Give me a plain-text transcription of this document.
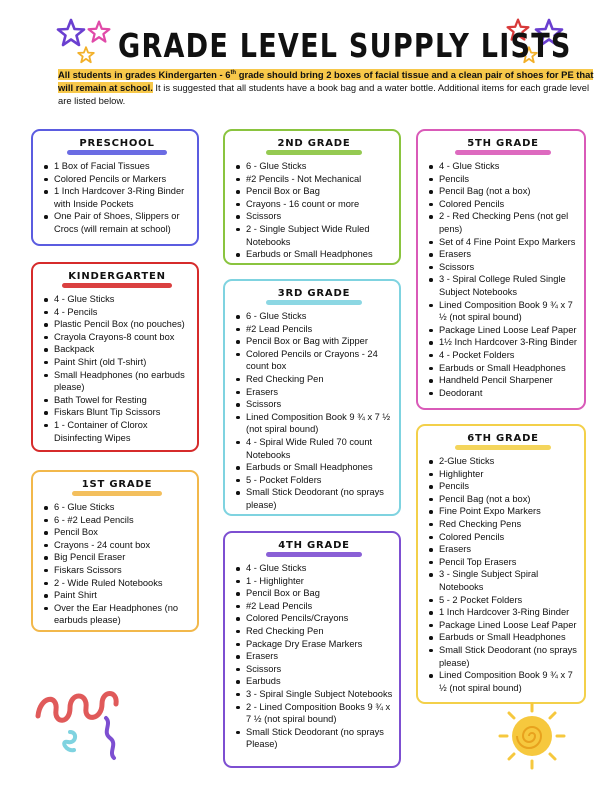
GRADE LEVEL SUPPLY LISTS
All students in grades Kindergarten - 6th grade should bring 2 boxes of facial tissue and a clean pair of shoes for PE that will remain at school. It is suggested that all students have a book bag and a water bottle. Additional items for each grade level are listed below.
PRESCHOOL
1 Box of Facial Tissues
Colored Pencils or Markers
1 Inch Hardcover 3-Ring Binder with Inside Pockets
One Pair of Shoes, Slippers or Crocs (will remain at school)
KINDERGARTEN
4 - Glue Sticks
4 - Pencils
Plastic Pencil Box (no pouches)
Crayola Crayons-8 count box
Backpack
Paint Shirt (old T-shirt)
Small Headphones (no earbuds please)
Bath Towel for Resting
Fiskars Blunt Tip Scissors
1 - Container of Clorox Disinfecting Wipes
1ST GRADE
6 - Glue Sticks
6 - #2 Lead Pencils
Pencil Box
Crayons - 24 count box
Big Pencil Eraser
Fiskars Scissors
2 - Wide Ruled Notebooks
Paint Shirt
Over the Ear Headphones (no earbuds please)
2ND GRADE
6 - Glue Sticks
#2 Pencils - Not Mechanical
Pencil Box or Bag
Crayons - 16 count or more
Scissors
2 - Single Subject Wide Ruled Notebooks
Earbuds or Small Headphones
3RD GRADE
6 - Glue Sticks
#2 Lead Pencils
Pencil Box or Bag with Zipper
Colored Pencils or Crayons - 24 count box
Red Checking Pen
Erasers
Scissors
Lined Composition Book 9 ¾ x 7 ½ (not spiral bound)
4 - Spiral Wide Ruled 70 count Notebooks
Earbuds or Small Headphones
5 - Pocket Folders
Small Stick Deodorant (no sprays please)
4TH GRADE
4 - Glue Sticks
1 - Highlighter
Pencil Box or Bag
#2 Lead Pencils
Colored Pencils/Crayons
Red Checking Pen
Package Dry Erase Markers
Erasers
Scissors
Earbuds
3 - Spiral Single Subject Notebooks
2 - Lined Composition Books 9 ¾ x 7 ½ (not spiral bound)
Small Stick Deodorant (no sprays Please)
5TH GRADE
4 - Glue Sticks
Pencils
Pencil Bag (not a box)
Colored Pencils
2 - Red Checking Pens (not gel pens)
Set of 4 Fine Point Expo Markers
Erasers
Scissors
3 - Spiral College Ruled Single Subject Notebooks
Lined Composition Book 9 ¾ x 7 ½ (not spiral bound)
Package Lined Loose Leaf Paper
1½ Inch Hardcover 3-Ring Binder
4 - Pocket Folders
Earbuds or Small Headphones
Handheld Pencil Sharpener
Deodorant
6TH GRADE
2-Glue Sticks
Highlighter
Pencils
Pencil Bag (not a box)
Fine Point Expo Markers
Red Checking Pens
Colored Pencils
Erasers
Pencil Top Erasers
3 - Single Subject Spiral Notebooks
5 - 2 Pocket Folders
1 Inch Hardcover 3-Ring Binder
Package Lined Loose Leaf Paper
Earbuds or Small Headphones
Small Stick Deodorant (no sprays please)
Lined Composition Book 9 ¾ x 7 ½ (not spiral bound)
